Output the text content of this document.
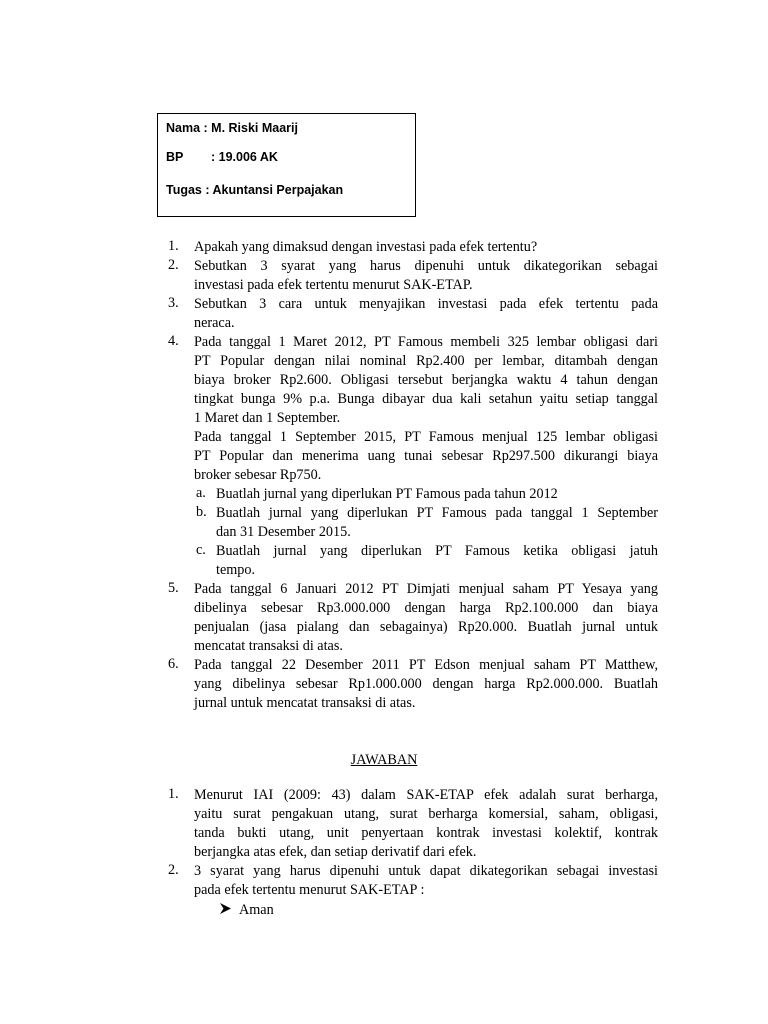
Nama : M. Riski Maarij
BP : 19.006 AK
Tugas : Akuntansi Perpajakan
1. Apakah yang dimaksud dengan investasi pada efek tertentu?
2. Sebutkan 3 syarat yang harus dipenuhi untuk dikategorikan sebagai
investasi pada efek tertentu menurut SAK-ETAP.
3. Sebutkan 3 cara untuk menyajikan investasi pada efek tertentu pada
neraca.
4. Pada tanggal 1 Maret 2012, PT Famous membeli 325 lembar obligasi dari
PT Popular dengan nilai nominal Rp2.400 per lembar, ditambah dengan
biaya broker Rp2.600. Obligasi tersebut berjangka waktu 4 tahun dengan
tingkat bunga 9% p.a. Bunga dibayar dua kali setahun yaitu setiap tanggal
1 Maret dan 1 September.
Pada tanggal 1 September 2015, PT Famous menjual 125 lembar obligasi
PT Popular dan menerima uang tunai sebesar Rp297.500 dikurangi biaya
broker sebesar Rp750.
a. Buatlah jurnal yang diperlukan PT Famous pada tahun 2012
b. Buatlah jurnal yang diperlukan PT Famous pada tanggal 1 September
dan 31 Desember 2015.
c. Buatlah jurnal yang diperlukan PT Famous ketika obligasi jatuh
tempo.
5. Pada tanggal 6 Januari 2012 PT Dimjati menjual saham PT Yesaya yang
dibelinya sebesar Rp3.000.000 dengan harga Rp2.100.000 dan biaya
penjualan (jasa pialang dan sebagainya) Rp20.000. Buatlah jurnal untuk
mencatat transaksi di atas.
6. Pada tanggal 22 Desember 2011 PT Edson menjual saham PT Matthew,
yang dibelinya sebesar Rp1.000.000 dengan harga Rp2.000.000. Buatlah
jurnal untuk mencatat transaksi di atas.
JAWABAN
1. Menurut IAI (2009: 43) dalam SAK-ETAP efek adalah surat berharga,
yaitu surat pengakuan utang, surat berharga komersial, saham, obligasi,
tanda bukti utang, unit penyertaan kontrak investasi kolektif, kontrak
berjangka atas efek, dan setiap derivatif dari efek.
2. 3 syarat yang harus dipenuhi untuk dapat dikategorikan sebagai investasi
pada efek tertentu menurut SAK-ETAP :
Aman
